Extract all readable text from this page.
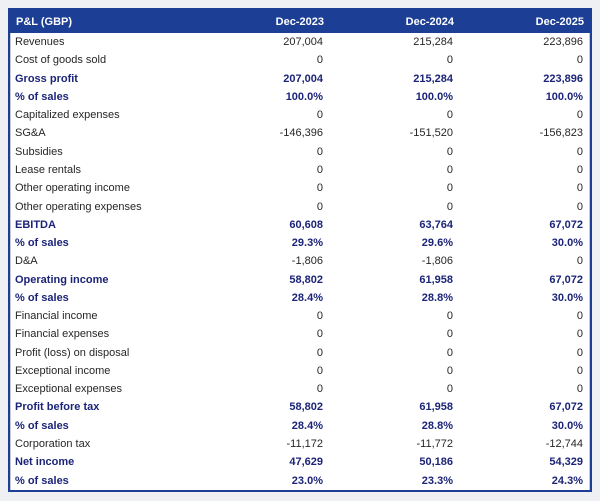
P&L (GBP)	Dec-2023	Dec-2024	Dec-2025
Revenues	207,004	215,284	223,896
Cost of goods sold	0	0	0
Gross profit	207,004	215,284	223,896
% of sales	100.0%	100.0%	100.0%
Capitalized expenses	0	0	0
SG&A	-146,396	-151,520	-156,823
Subsidies	0	0	0
Lease rentals	0	0	0
Other operating income	0	0	0
Other operating expenses	0	0	0
EBITDA	60,608	63,764	67,072
% of sales	29.3%	29.6%	30.0%
D&A	-1,806	-1,806	0
Operating income	58,802	61,958	67,072
% of sales	28.4%	28.8%	30.0%
Financial income	0	0	0
Financial expenses	0	0	0
Profit (loss) on disposal	0	0	0
Exceptional income	0	0	0
Exceptional expenses	0	0	0
Profit before tax	58,802	61,958	67,072
% of sales	28.4%	28.8%	30.0%
Corporation tax	-11,172	-11,772	-12,744
Net income	47,629	50,186	54,329
% of sales	23.0%	23.3%	24.3%
